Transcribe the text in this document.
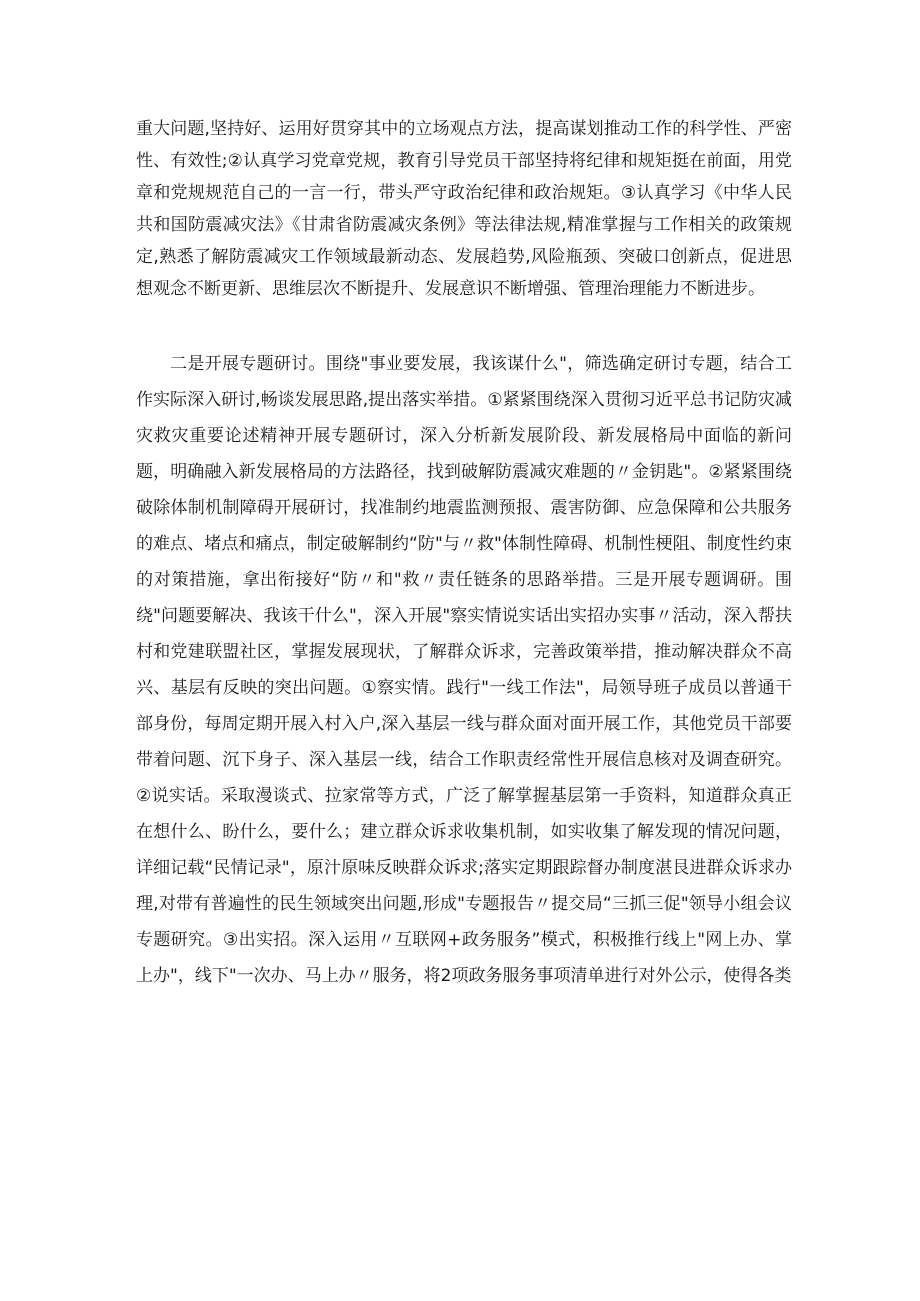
重大问题,坚持好、运用好贯穿其中的立场观点方法，提高谋划推动工作的科学性、严密性、有效性;②认真学习党章党规，教育引导党员干部坚持将纪律和规矩挺在前面，用党章和党规规范自己的一言一行，带头严守政治纪律和政治规矩。③认真学习《中华人民共和国防震减灾法》《甘肃省防震减灾条例》等法律法规,精准掌握与工作相关的政策规定,熟悉了解防震减灾工作领域最新动态、发展趋势,风险瓶颈、突破口创新点，促进思想观念不断更新、思维层次不断提升、发展意识不断增强、管理治理能力不断进步。

二是开展专题研讨。围绕"事业要发展，我该谋什么"，筛选确定研讨专题，结合工作实际深入研讨,畅谈发展思路,提出落实举措。①紧紧围绕深入贯彻习近平总书记防灾减灾救灾重要论述精神开展专题研讨，深入分析新发展阶段、新发展格局中面临的新问题，明确融入新发展格局的方法路径，找到破解防震减灾难题的〃金钥匙"。②紧紧围绕破除体制机制障碍开展研讨，找准制约地震监测预报、震害防御、应急保障和公共服务的难点、堵点和痛点，制定破解制约“防"与〃救"体制性障碍、机制性梗阻、制度性约束的对策措施，拿出衔接好“防〃和"救〃责任链条的思路举措。三是开展专题调研。围绕"问题要解决、我该干什么"，深入开展"察实情说实话出实招办实事〃活动，深入帮扶村和党建联盟社区，掌握发展现状，了解群众诉求，完善政策举措，推动解决群众不高兴、基层有反映的突出问题。①察实情。践行"一线工作法"，局领导班子成员以普通干部身份，每周定期开展入村入户,深入基层一线与群众面对面开展工作，其他党员干部要带着问题、沉下身子、深入基层一线，结合工作职责经常性开展信息核对及调查研究。②说实话。采取漫谈式、拉家常等方式，广泛了解掌握基层第一手资料，知道群众真正在想什么、盼什么，要什么；建立群众诉求收集机制，如实收集了解发现的情况问题，详细记载“民情记录"，原汁原味反映群众诉求;落实定期跟踪督办制度湛艮进群众诉求办理,对带有普遍性的民生领域突出问题,形成"专题报告〃提交局“三抓三促"领导小组会议专题研究。③出实招。深入运用〃互联网+政务服务”模式，积极推行线上"网上办、掌上办"，线下"一次办、马上办〃服务，将2项政务服务事项清单进行对外公示，使得各类
